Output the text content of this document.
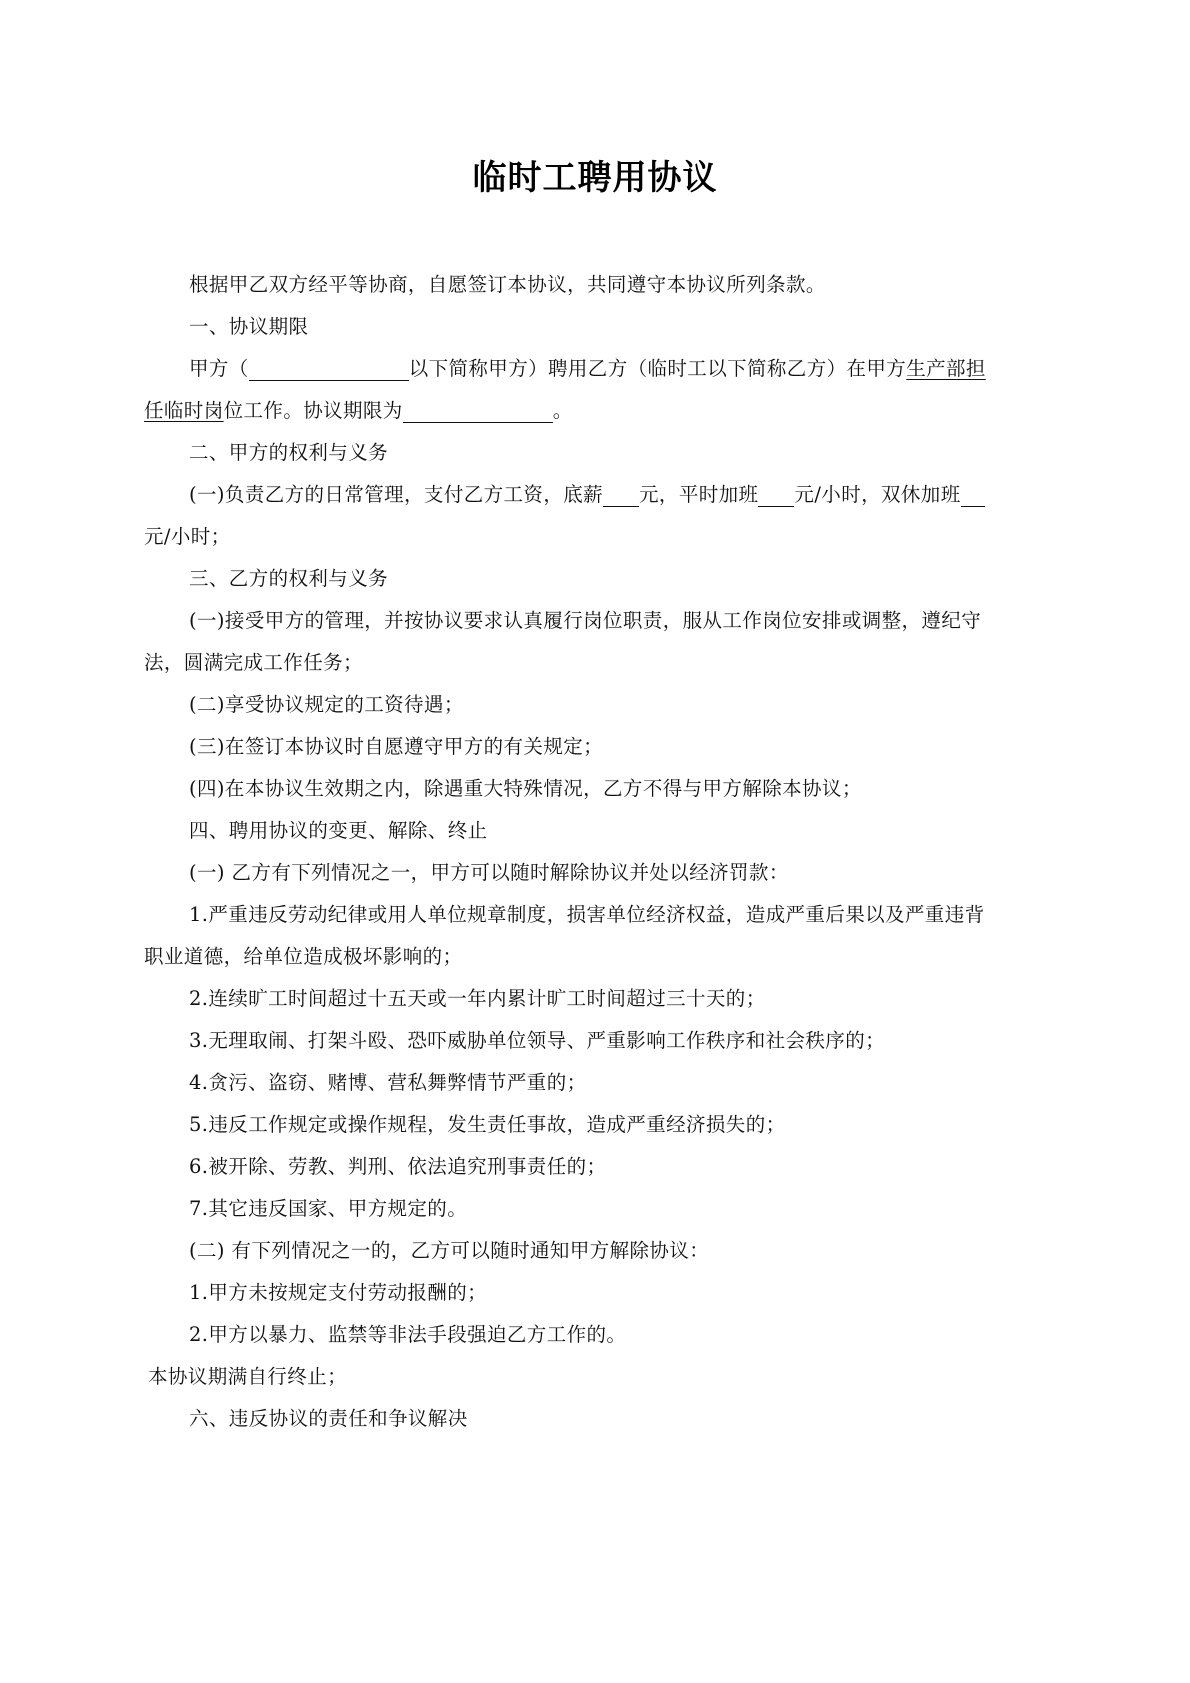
临时工聘用协议

根据甲乙双方经平等协商，自愿签订本协议，共同遵守本协议所列条款。

一、协议期限

甲方（	以下简称甲方）聘用乙方（临时工以下简称乙方）在甲方生产部担

任临时岗位工作。协议期限为	。

二、甲方的权利与义务

(一)负责乙方的日常管理，支付乙方工资，底薪 元，平时加班 元/小时，双休加班

元/小时；

三、乙方的权利与义务

(一)接受甲方的管理，并按协议要求认真履行岗位职责，服从工作岗位安排或调整，遵纪守

法，圆满完成工作任务；

(二)享受协议规定的工资待遇；

(三)在签订本协议时自愿遵守甲方的有关规定；

(四)在本协议生效期之内，除遇重大特殊情况，乙方不得与甲方解除本协议；

四、聘用协议的变更、解除、终止

(一) 乙方有下列情况之一，甲方可以随时解除协议并处以经济罚款：

1.严重违反劳动纪律或用人单位规章制度，损害单位经济权益，造成严重后果以及严重违背

职业道德，给单位造成极坏影响的；

2.连续旷工时间超过十五天或一年内累计旷工时间超过三十天的；

3.无理取闹、打架斗殴、恐吓威胁单位领导、严重影响工作秩序和社会秩序的；

4.贪污、盗窃、赌博、营私舞弊情节严重的；

5.违反工作规定或操作规程，发生责任事故，造成严重经济损失的；

6.被开除、劳教、判刑、依法追究刑事责任的；

7.其它违反国家、甲方规定的。

(二) 有下列情况之一的，乙方可以随时通知甲方解除协议：

1.甲方未按规定支付劳动报酬的；

2.甲方以暴力、监禁等非法手段强迫乙方工作的。

本协议期满自行终止；

六、违反协议的责任和争议解决
